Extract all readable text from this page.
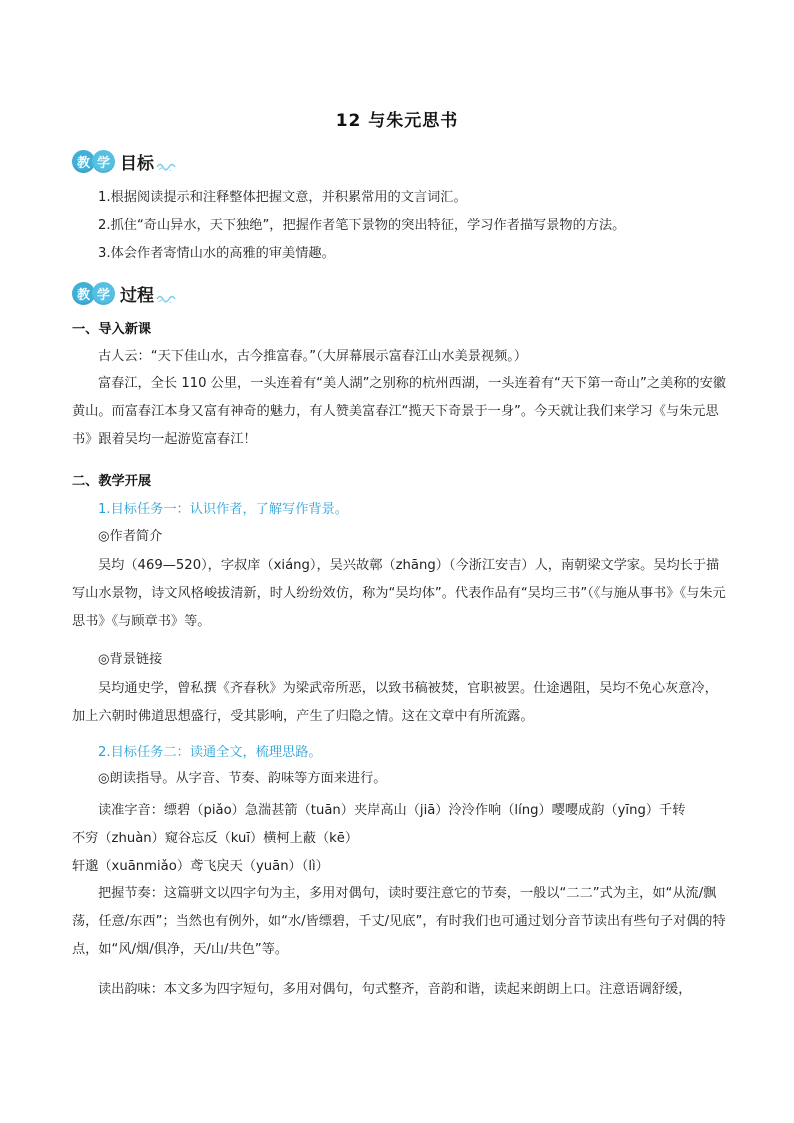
12 与朱元思书
教 学 目标
1.根据阅读提示和注释整体把握文意，并积累常用的文言词汇。
2.抓住“奇山异水，天下独绝”，把握作者笔下景物的突出特征，学习作者描写景物的方法。
3.体会作者寄情山水的高雅的审美情趣。
教 学 过程
一、导入新课
古人云：“天下佳山水，古今推富春。”（大屏幕展示富春江山水美景视频。）
富春江，全长 110 公里，一头连着有“美人湖”之别称的杭州西湖，一头连着有“天下第一奇山”之美称的安徽黄山。而富春江本身又富有神奇的魅力，有人赞美富春江“揽天下奇景于一身”。今天就让我们来学习《与朱元思书》跟着吴均一起游览富春江！
二、教学开展
1.目标任务一：认识作者，了解写作背景。
◎作者简介
吴均（469—520），字叔庠（xiáng），吴兴故鄣（zhāng）（今浙江安吉）人，南朝梁文学家。吴均长于描写山水景物，诗文风格峻拔清新，时人纷纷效仿，称为“吴均体”。代表作品有“吴均三书”（《与施从事书》《与朱元思书》《与顾章书》等。
◎背景链接
吴均通史学，曾私撰《齐春秋》为梁武帝所恶，以致书稿被焚，官职被罢。仕途遇阻，吴均不免心灰意冷，加上六朝时佛道思想盛行，受其影响，产生了归隐之情。这在文章中有所流露。
2.目标任务二：读通全文，梳理思路。
◎朗读指导。从字音、节奏、韵味等方面来进行。
读准字音：缥碧（piǎo）急湍甚箭（tuān）夹岸高山（jiā）泠泠作响（líng）嘤嘤成韵（yīng）千转
不穷（zhuàn）窥谷忘反（kuī）横柯上蔽（kē）
轩邈（xuānmiǎo）鸢飞戾天（yuān）（lì）
把握节奏：这篇骈文以四字句为主，多用对偶句，读时要注意它的节奏，一般以“二二”式为主，如“从流/飘荡，任意/东西”；当然也有例外，如“水/皆缥碧，千丈/见底”，有时我们也可通过划分音节读出有些句子对偶的特点，如“风/烟/俱净，天/山/共色”等。
读出韵味：本文多为四字短句，多用对偶句，句式整齐，音韵和谐，读起来朗朗上口。注意语调舒缓，
